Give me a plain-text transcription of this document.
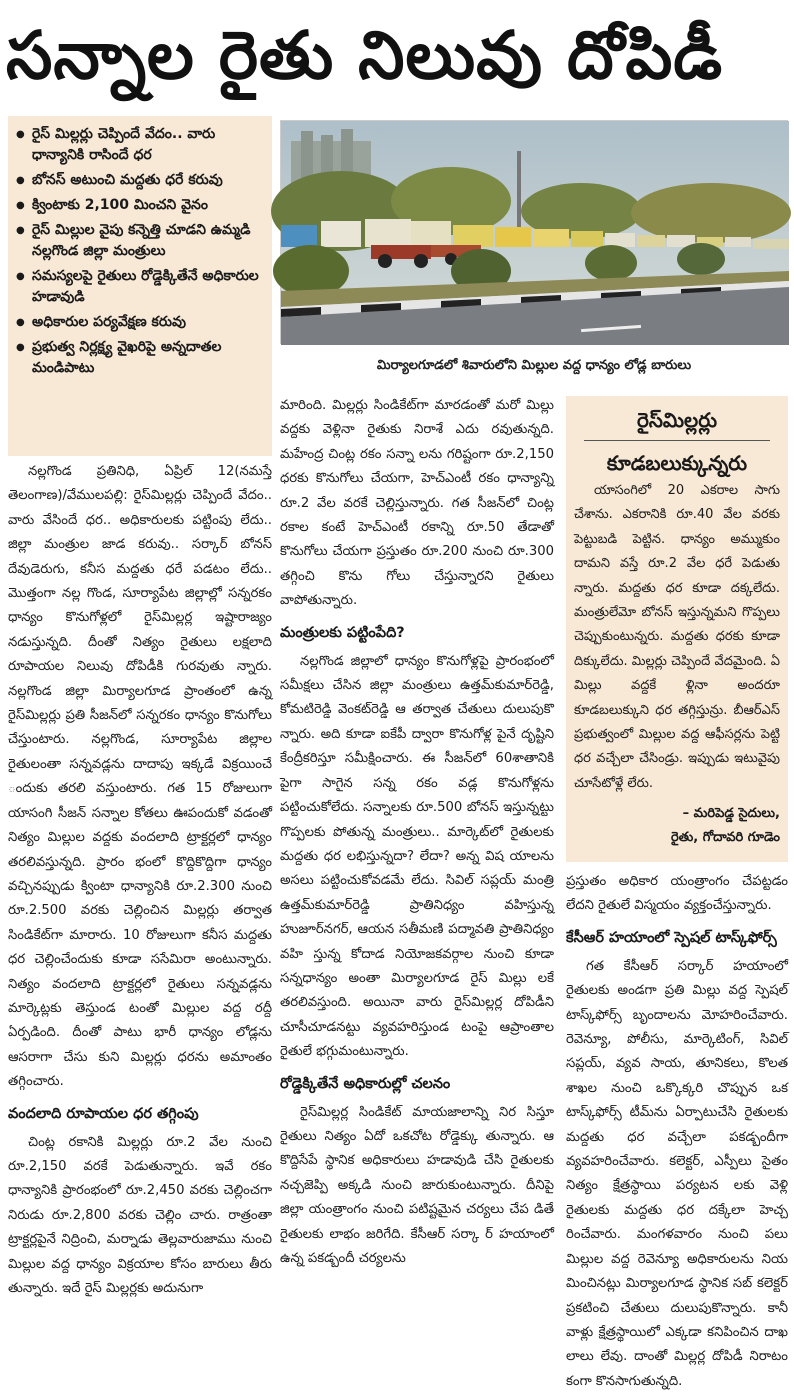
సన్నాల రైతు నిలువు దోపిడీ
● రైస్ మిల్లర్లు చెప్పిందే వేదం.. వారు ధాన్యానికి రాసిందే ధర
● బోనస్ అటుంచి మద్దతు ధరే కరువు
● క్వింటాకు 2,100 మించని వైనం
● రైస్ మిల్లుల వైపు కన్నెత్తి చూడని ఉమ్మడి నల్లగొండ జిల్లా మంత్రులు
● సమస్యలపై రైతులు రోడ్డెక్కితేనే అధికారుల హడావుడి
● అధికారుల పర్యవేక్షణ కరువు
● ప్రభుత్వ నిర్లక్ష్య వైఖరిపై అన్నదాతల మండిపాటు	మిర్యాలగూడలో శివారులోని మిల్లుల వద్ద ధాన్యం లోడ్ల బారులు

నల్లగొండ ప్రతినిధి, ఏప్రిల్ 12(నమస్తే తెలంగాణ)/వేములపల్లి: రైస్‌మిల్లర్లు చెప్పిందే వేదం.. వారు వేసిందే ధర.. అధికారులకు పట్టింపు లేదు.. జిల్లా మంత్రుల జాడ కరువు.. సర్కార్ బోనస్ దేవుడెరుగు, కనీస మద్దతు ధరే పడటం లేదు.. మొత్తంగా నల్ల గొండ, సూర్యాపేట జిల్లాల్లో సన్నరకం ధాన్యం కొనుగోళ్లలో రైస్‌మిల్లర్ల ఇష్టారాజ్యం నడుస్తున్నది. దీంతో నిత్యం రైతులు లక్షలాది రూపాయల నిలువు దోపిడీకి గురవుతు న్నారు. నల్లగొండ జిల్లా మిర్యాలగూడ ప్రాంతంలో ఉన్న రైస్‌మిల్లర్లు ప్రతి సీజన్‌లో సన్నరకం ధాన్యం కొనుగోలు చేస్తుంటారు. నల్లగొండ, సూర్యాపేట జిల్లాల రైతులంతా సన్నవడ్లను దాదాపు ఇక్కడే విక్రయించే ందుకు తరలి వస్తుంటారు. గత 15 రోజులుగా యాసంగి సీజన్ సన్నాల కోతలు ఊపందుకో వడంతో నిత్యం మిల్లుల వద్దకు వందలాది ట్రాక్టర్లలో ధాన్యం తరలివస్తున్నది. ప్రారం భంలో కొద్దికొద్దిగా ధాన్యం వచ్చినప్పుడు క్వింటా ధాన్యానికి రూ.2.300 నుంచి రూ.2.500 వరకు చెల్లించిన మిల్లర్లు తర్వాత సిండికేట్‌గా మారారు. 10 రోజులుగా కనీస మద్దతు ధర చెల్లించేందుకు కూడా ససేమిరా అంటున్నారు. నిత్యం వందలాది ట్రాక్టర్లలో రైతులు సన్నవడ్లను మార్కెట్లకు తెస్తుండ టంతో మిల్లుల వద్ద రద్దీ ఏర్పడింది. దీంతో పాటు భారీ ధాన్యం లోడ్లను ఆసరాగా చేసు కుని మిల్లర్లు ధరను అమాంతం తగ్గించారు.

వందలాది రూపాయల ధర తగ్గింపు

చింట్ల రకానికి మిల్లర్లు రూ.2 వేల నుంచి రూ.2,150 వరకే పెడుతున్నారు. ఇవే రకం ధాన్యానికి ప్రారంభంలో రూ.2,450 వరకు చెల్లించగా నిరుడు రూ.2,800 వరకు చెల్లిం చారు. రాత్రంతా ట్రాక్టర్లపైనే నిద్రించి, మర్నాడు తెల్లవారుజాము నుంచి మిల్లుల వద్ద ధాన్యం విక్రయాల కోసం బారులు తీరు తున్నారు. ఇదే రైస్ మిల్లర్లకు అదునుగా

మారింది. మిల్లర్లు సిండికేట్‌గా మారడంతో మరో మిల్లు వద్దకు వెళ్లినా రైతుకు నిరాశే ఎదు రవుతున్నది. మహేంద్ర చింట్ల రకం సన్నా లను గరిష్టంగా రూ.2,150 ధరకు కొనుగోలు చేయగా, హెచ్‌ఎంటీ రకం ధాన్యాన్ని రూ.2 వేల వరకే చెల్లిస్తున్నారు. గత సీజన్‌లో చింట్ల రకాల కంటే హెచ్‌ఎంటీ రకాన్ని రూ.50 తేడాతో కొనుగోలు చేయగా ప్రస్తుతం రూ.200 నుంచి రూ.300 తగ్గించి కొను గోలు చేస్తున్నారని రైతులు వాపోతున్నారు.

మంత్రులకు పట్టింపేది?

నల్లగొండ జిల్లాలో ధాన్యం కొనుగోళ్లపై ప్రారంభంలో సమీక్షలు చేసిన జిల్లా మంత్రులు ఉత్తమ్‌కుమార్‌రెడ్డి, కోమటిరెడ్డి వెంకట్‌రెడ్డి ఆ తర్వాత చేతులు దులుపుకొ న్నారు. అది కూడా ఐకేపీ ద్వారా కొనుగోళ్ల పైనే దృష్టిని కేంద్రీకరిస్తూ సమీక్షించారు. ఈ సీజన్‌లో 60శాతానికి పైగా సాగైన సన్న రకం వడ్ల కొనుగోళ్లను పట్టించుకోలేదు. సన్నాలకు రూ.500 బోనస్ ఇస్తున్నట్టు గొప్పలకు పోతున్న మంత్రులు.. మార్కెట్‌లో రైతులకు మద్దతు ధర లభిస్తున్నదా? లేదా? అన్న విష యాలను అసలు పట్టించుకోవడమే లేదు. సివిల్ సప్లయ్ మంత్రి ఉత్తమ్‌కుమార్‌రెడ్డి ప్రాతినిధ్యం వహిస్తున్న హుజూర్‌నగర్, ఆయన సతీమణి పద్మావతి ప్రాతినిధ్యం వహి స్తున్న కోదాడ నియోజకవర్గాల నుంచి కూడా సన్నధాన్యం అంతా మిర్యాలగూడ రైస్ మిల్లు లకే తరలివస్తుంది. అయినా వారు రైస్‌మిల్లర్ల దోపిడీని చూసీచూడనట్టు వ్యవహరిస్తుండ టంపై ఆప్రాంతాల రైతులే భగ్గుమంటున్నారు.

రోడ్డెక్కితేనే అధికారుల్లో చలనం

రైస్‌మిల్లర్ల సిండికేట్ మాయజాలాన్ని నిర సిస్తూ రైతులు నిత్యం ఏదో ఒకచోట రోడ్డెక్కు తున్నారు. ఆ కొద్దిసేపే స్థానిక అధికారులు హడావుడి చేసి రైతులకు నచ్చజెప్పి అక్కడి నుంచి జారుకుంటున్నారు. దీనిపై జిల్లా యంత్రాంగం నుంచి పటిష్టమైన చర్యలు చేప డితే రైతులకు లాభం జరిగేది. కేసీఆర్ సర్కా ర్ హయాంలో ఉన్న పకడ్బందీ చర్యలను

రైస్‌మిల్లర్లు
కూడబలుక్కున్నరు

యాసంగిలో 20 ఎకరాల సాగు చేశాను. ఎకరానికి రూ.40 వేల వరకు పెట్టుబడి పెట్టిన. ధాన్యం అమ్ముకుం దామని వస్తే రూ.2 వేల ధరే పెడుతు న్నారు. మద్దతు ధర కూడా దక్కలేదు. మంత్రులేమో బోనస్ ఇస్తున్నమని గొప్పలు చెప్పుకుంటున్నరు. మద్దతు ధరకు కూడా దిక్కులేదు. మిల్లర్లు చెప్పిందే వేదమైంది. ఏ మిల్లు వద్దకే ళ్లినా అందరూ కూడబలుక్కుని ధర తగ్గిస్తున్రు. బీఆర్‌ఎస్ ప్రభుత్వంలో మిల్లుల వద్ద ఆఫీసర్లను పెట్టి ధర వచ్చేలా చేసిండ్రు. ఇప్పుడు ఇటువైపు చూసేటోళ్లే లేరు.

– మరిపెడ్డ సైదులు,
రైతు, గోదావరి గూడెం

ప్రస్తుతం అధికార యంత్రాంగం చేపట్టడం లేదని రైతులే విస్మయం వ్యక్తంచేస్తున్నారు.

కేసీఆర్ హయాంలో స్పెషల్ టాస్క్‌ఫోర్స్

గత కేసీఆర్ సర్కార్ హయాంలో రైతులకు అండగా ప్రతి మిల్లు వద్ద స్పెషల్ టాస్క్‌ఫోర్స్ బృందాలను మోహరించేవారు. రెవెన్యూ, పోలీసు, మార్కెటింగ్, సివిల్ సప్లయ్, వ్యవ సాయ, తూనికలు, కొలత శాఖల నుంచి ఒక్కొక్కరి చొప్పున ఒక టాస్క్‌ఫోర్స్ టీమ్‌ను ఏర్పాటుచేసి రైతులకు మద్దతు ధర వచ్చేలా పకడ్బందీగా వ్యవహరించేవారు. కలెక్టర్, ఎస్పీలు సైతం నిత్యం క్షేత్రస్థాయి పర్యటన లకు వెళ్లి రైతులకు మద్దతు ధర దక్కేలా హెచ్చ రించేవారు. మంగళవారం నుంచి పలు మిల్లుల వద్ద రెవెన్యూ అధికారులను నియ మించినట్లు మిర్యాలగూడ స్థానిక సబ్ కలెక్టర్ ప్రకటించి చేతులు దులుపుకొన్నారు. కానీ వాళ్లు క్షేత్రస్థాయిలో ఎక్కడా కనిపించిన దాఖ లాలు లేవు. దాంతో మిల్లర్ల దోపిడీ నిరాటం కంగా కొనసాగుతున్నది.
